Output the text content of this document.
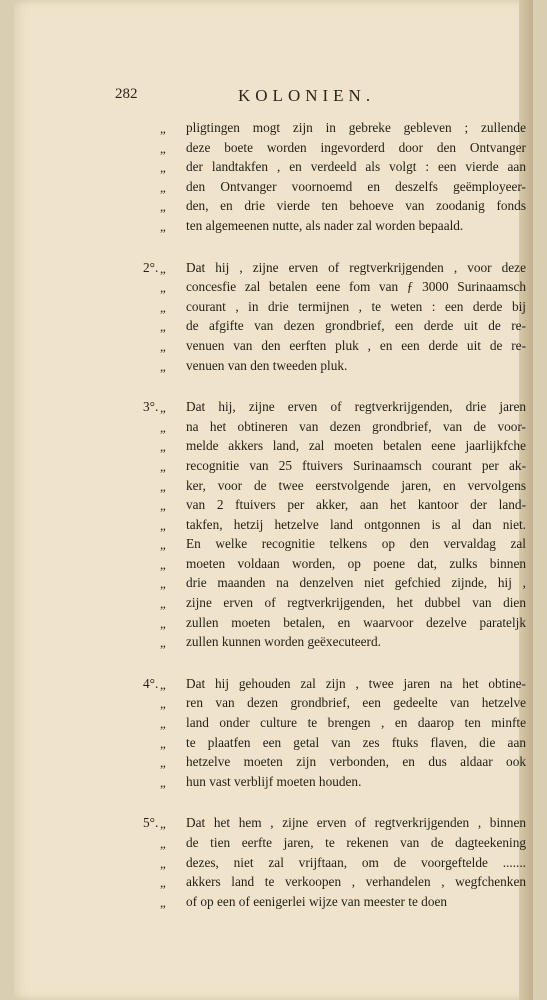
282	KOLONIEN.
„ pligtingen mogt zijn in gebreke gebleven ; zullende
„ deze boete worden ingevorderd door den Ontvanger
„ der landtakfen , en verdeeld als volgt : een vierde aan
„ den Ontvanger voornoemd en deszelfs geëmployeer-
„ den, en drie vierde ten behoeve van zoodanig fonds
„ ten algemeenen nutte, als nader zal worden bepaald.
2°. „ Dat hij , zijne erven of regtverkrijgenden , voor deze
„ concesfie zal betalen eene fom van ƒ 3000 Surinaamsch
„ courant , in drie termijnen , te weten : een derde bij
„ de afgifte van dezen grondbrief, een derde uit de re-
„ venuen van den eerften pluk , en een derde uit de re-
„ venuen van den tweeden pluk.
3°. „ Dat hij, zijne erven of regtverkrijgenden, drie jaren
„ na het obtineren van dezen grondbrief, van de voor-
„ melde akkers land, zal moeten betalen eene jaarlijkfche
„ recognitie van 25 ftuivers Surinaamsch courant per ak-
„ ker, voor de twee eerstvolgende jaren, en vervolgens
„ van 2 ftuivers per akker, aan het kantoor der land-
„ takfen, hetzij hetzelve land ontgonnen is al dan niet.
„ En welke recognitie telkens op den vervaldag zal
„ moeten voldaan worden, op poene dat, zulks binnen
„ drie maanden na denzelven niet gefchied zijnde, hij ,
„ zijne erven of regtverkrijgenden, het dubbel van dien
„ zullen moeten betalen, en waarvoor dezelve parateljk
„ zullen kunnen worden geëxecuteerd.
4°. „ Dat hij gehouden zal zijn , twee jaren na het obtine-
„ ren van dezen grondbrief, een gedeelte van hetzelve
„ land onder culture te brengen , en daarop ten minfte
„ te plaatfen een getal van zes ftuks flaven, die aan
„ hetzelve moeten zijn verbonden, en dus aldaar ook
„ hun vast verblijf moeten houden.
5°. „ Dat het hem , zijne erven of regtverkrijgenden , binnen
„ de tien eerfte jaren, te rekenen van de dagteekening
„ dezes, niet zal vrijftaan, om de voorgeftelde .......
„ akkers land te verkoopen , verhandelen , wegfchenken
„ of op een of eenigerlei wijze van meester te doen
